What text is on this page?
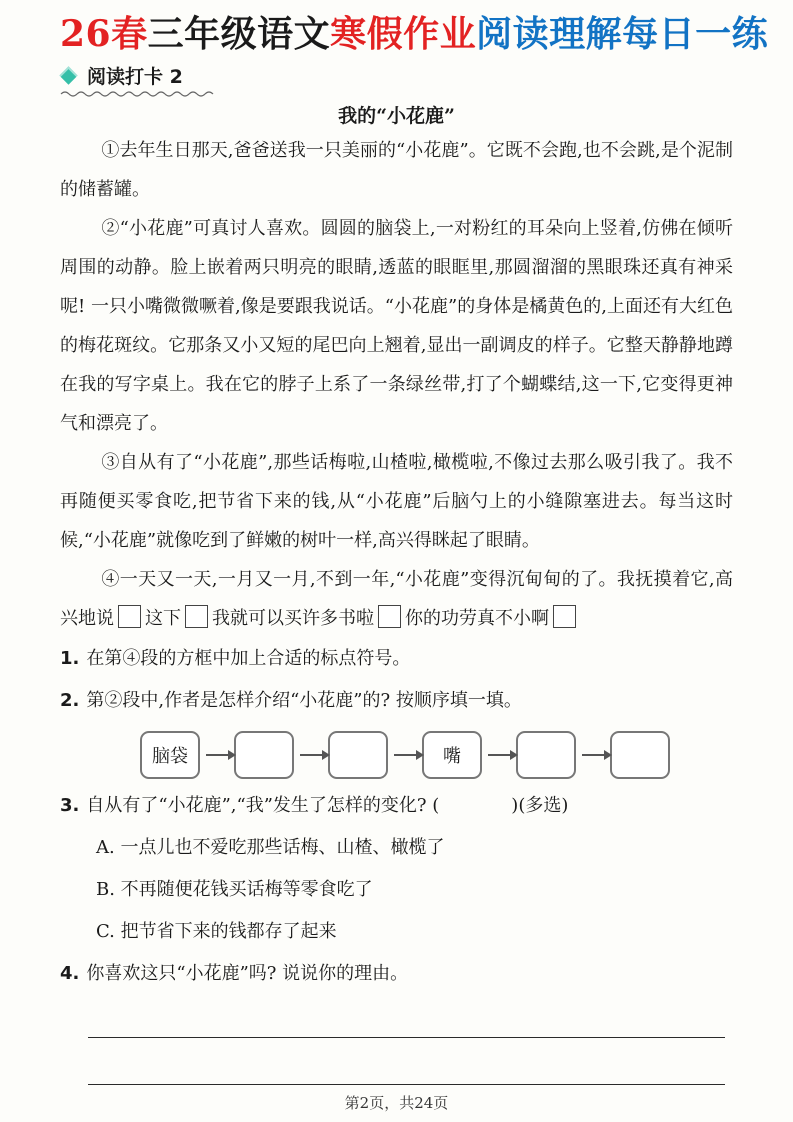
26春三年级语文寒假作业阅读理解每日一练
阅读打卡 2
我的“小花鹿”

①去年生日那天,爸爸送我一只美丽的“小花鹿”。它既不会跑,也不会跳,是个泥制的储蓄罐。

②“小花鹿”可真讨人喜欢。圆圆的脑袋上,一对粉红的耳朵向上竖着,仿佛在倾听周围的动静。脸上嵌着两只明亮的眼睛,透蓝的眼眶里,那圆溜溜的黑眼珠还真有神采呢! 一只小嘴微微噘着,像是要跟我说话。“小花鹿”的身体是橘黄色的,上面还有大红色的梅花斑纹。它那条又小又短的尾巴向上翘着,显出一副调皮的样子。它整天静静地蹲在我的写字桌上。我在它的脖子上系了一条绿丝带,打了个蝴蝶结,这一下,它变得更神气和漂亮了。

③自从有了“小花鹿”,那些话梅啦,山楂啦,橄榄啦,不像过去那么吸引我了。我不再随便买零食吃,把节省下来的钱,从“小花鹿”后脑勺上的小缝隙塞进去。每当这时候,“小花鹿”就像吃到了鲜嫩的树叶一样,高兴得眯起了眼睛。

④一天又一天,一月又一月,不到一年,“小花鹿”变得沉甸甸的了。我抚摸着它,高兴地说 这下 我就可以买许多书啦 你的功劳真不小啊

1. 在第④段的方框中加上合适的标点符号。

2. 第②段中,作者是怎样介绍“小花鹿”的? 按顺序填一填。

脑袋	嘴

3. 自从有了“小花鹿”,“我”发生了怎样的变化? (　　　　)(多选)

A. 一点儿也不爱吃那些话梅、山楂、橄榄了
B. 不再随便花钱买话梅等零食吃了
C. 把节省下来的钱都存了起来

4. 你喜欢这只“小花鹿”吗? 说说你的理由。

第2页，共24页
